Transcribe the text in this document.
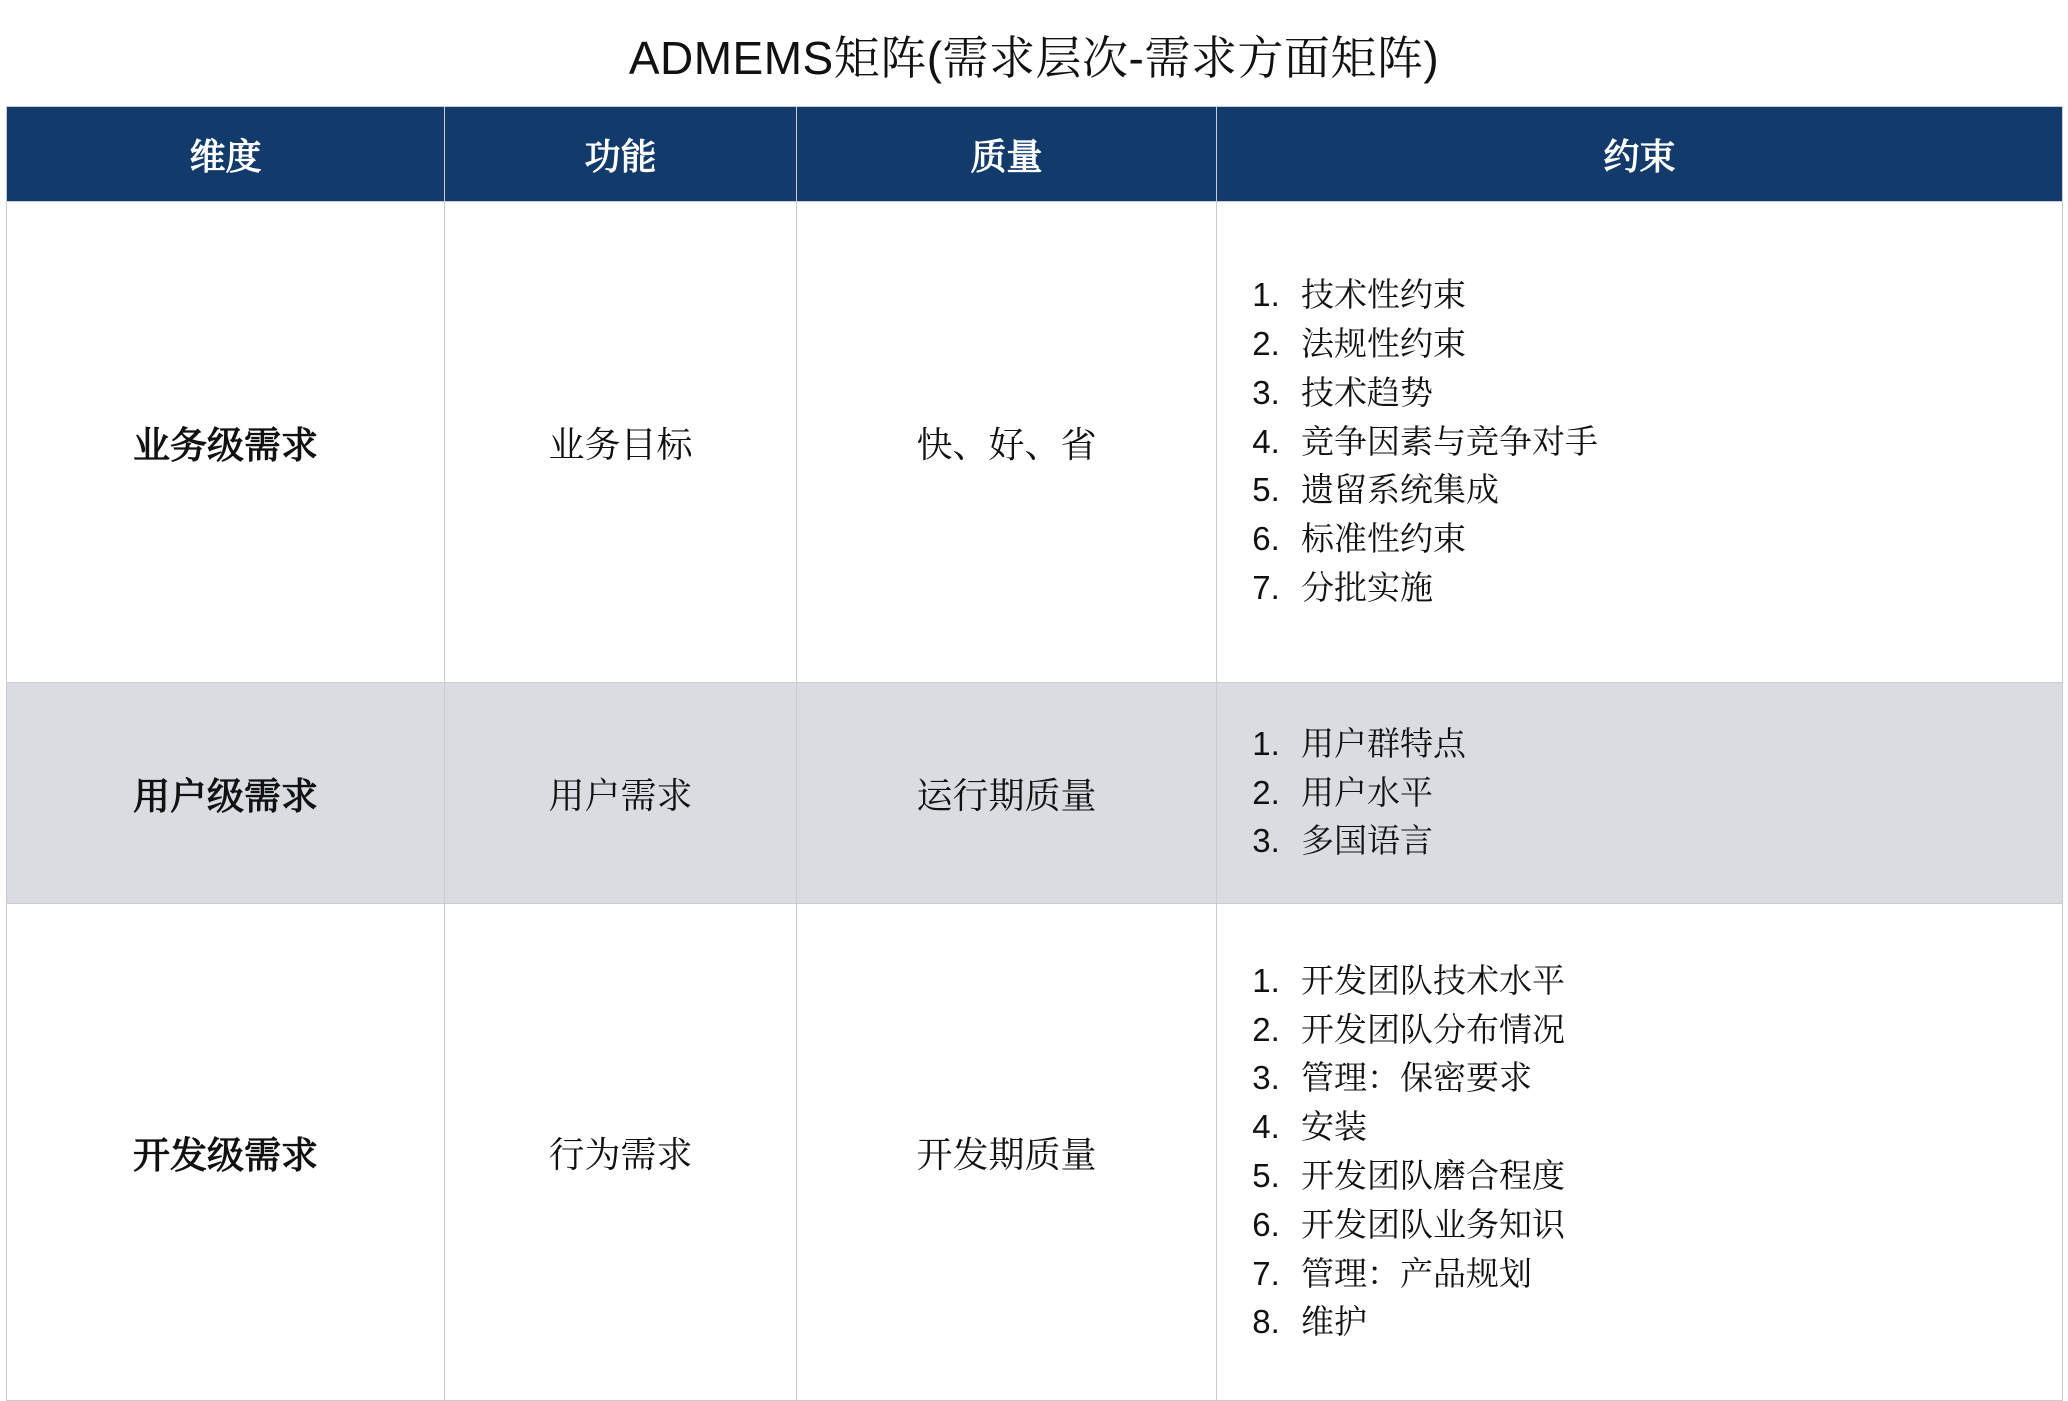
ADMEMS矩阵(需求层次-需求方面矩阵)
维度	功能	质量	约束
业务级需求	业务目标	快、好、省	
1. 技术性约束
2. 法规性约束
3. 技术趋势
4. 竞争因素与竞争对手
5. 遗留系统集成
6. 标准性约束
7. 分批实施

用户级需求	用户需求	运行期质量	
1. 用户群特点
2. 用户水平
3. 多国语言

开发级需求	行为需求	开发期质量	
1. 开发团队技术水平
2. 开发团队分布情况
3. 管理：保密要求
4. 安装
5. 开发团队磨合程度
6. 开发团队业务知识
7. 管理：产品规划
8. 维护
